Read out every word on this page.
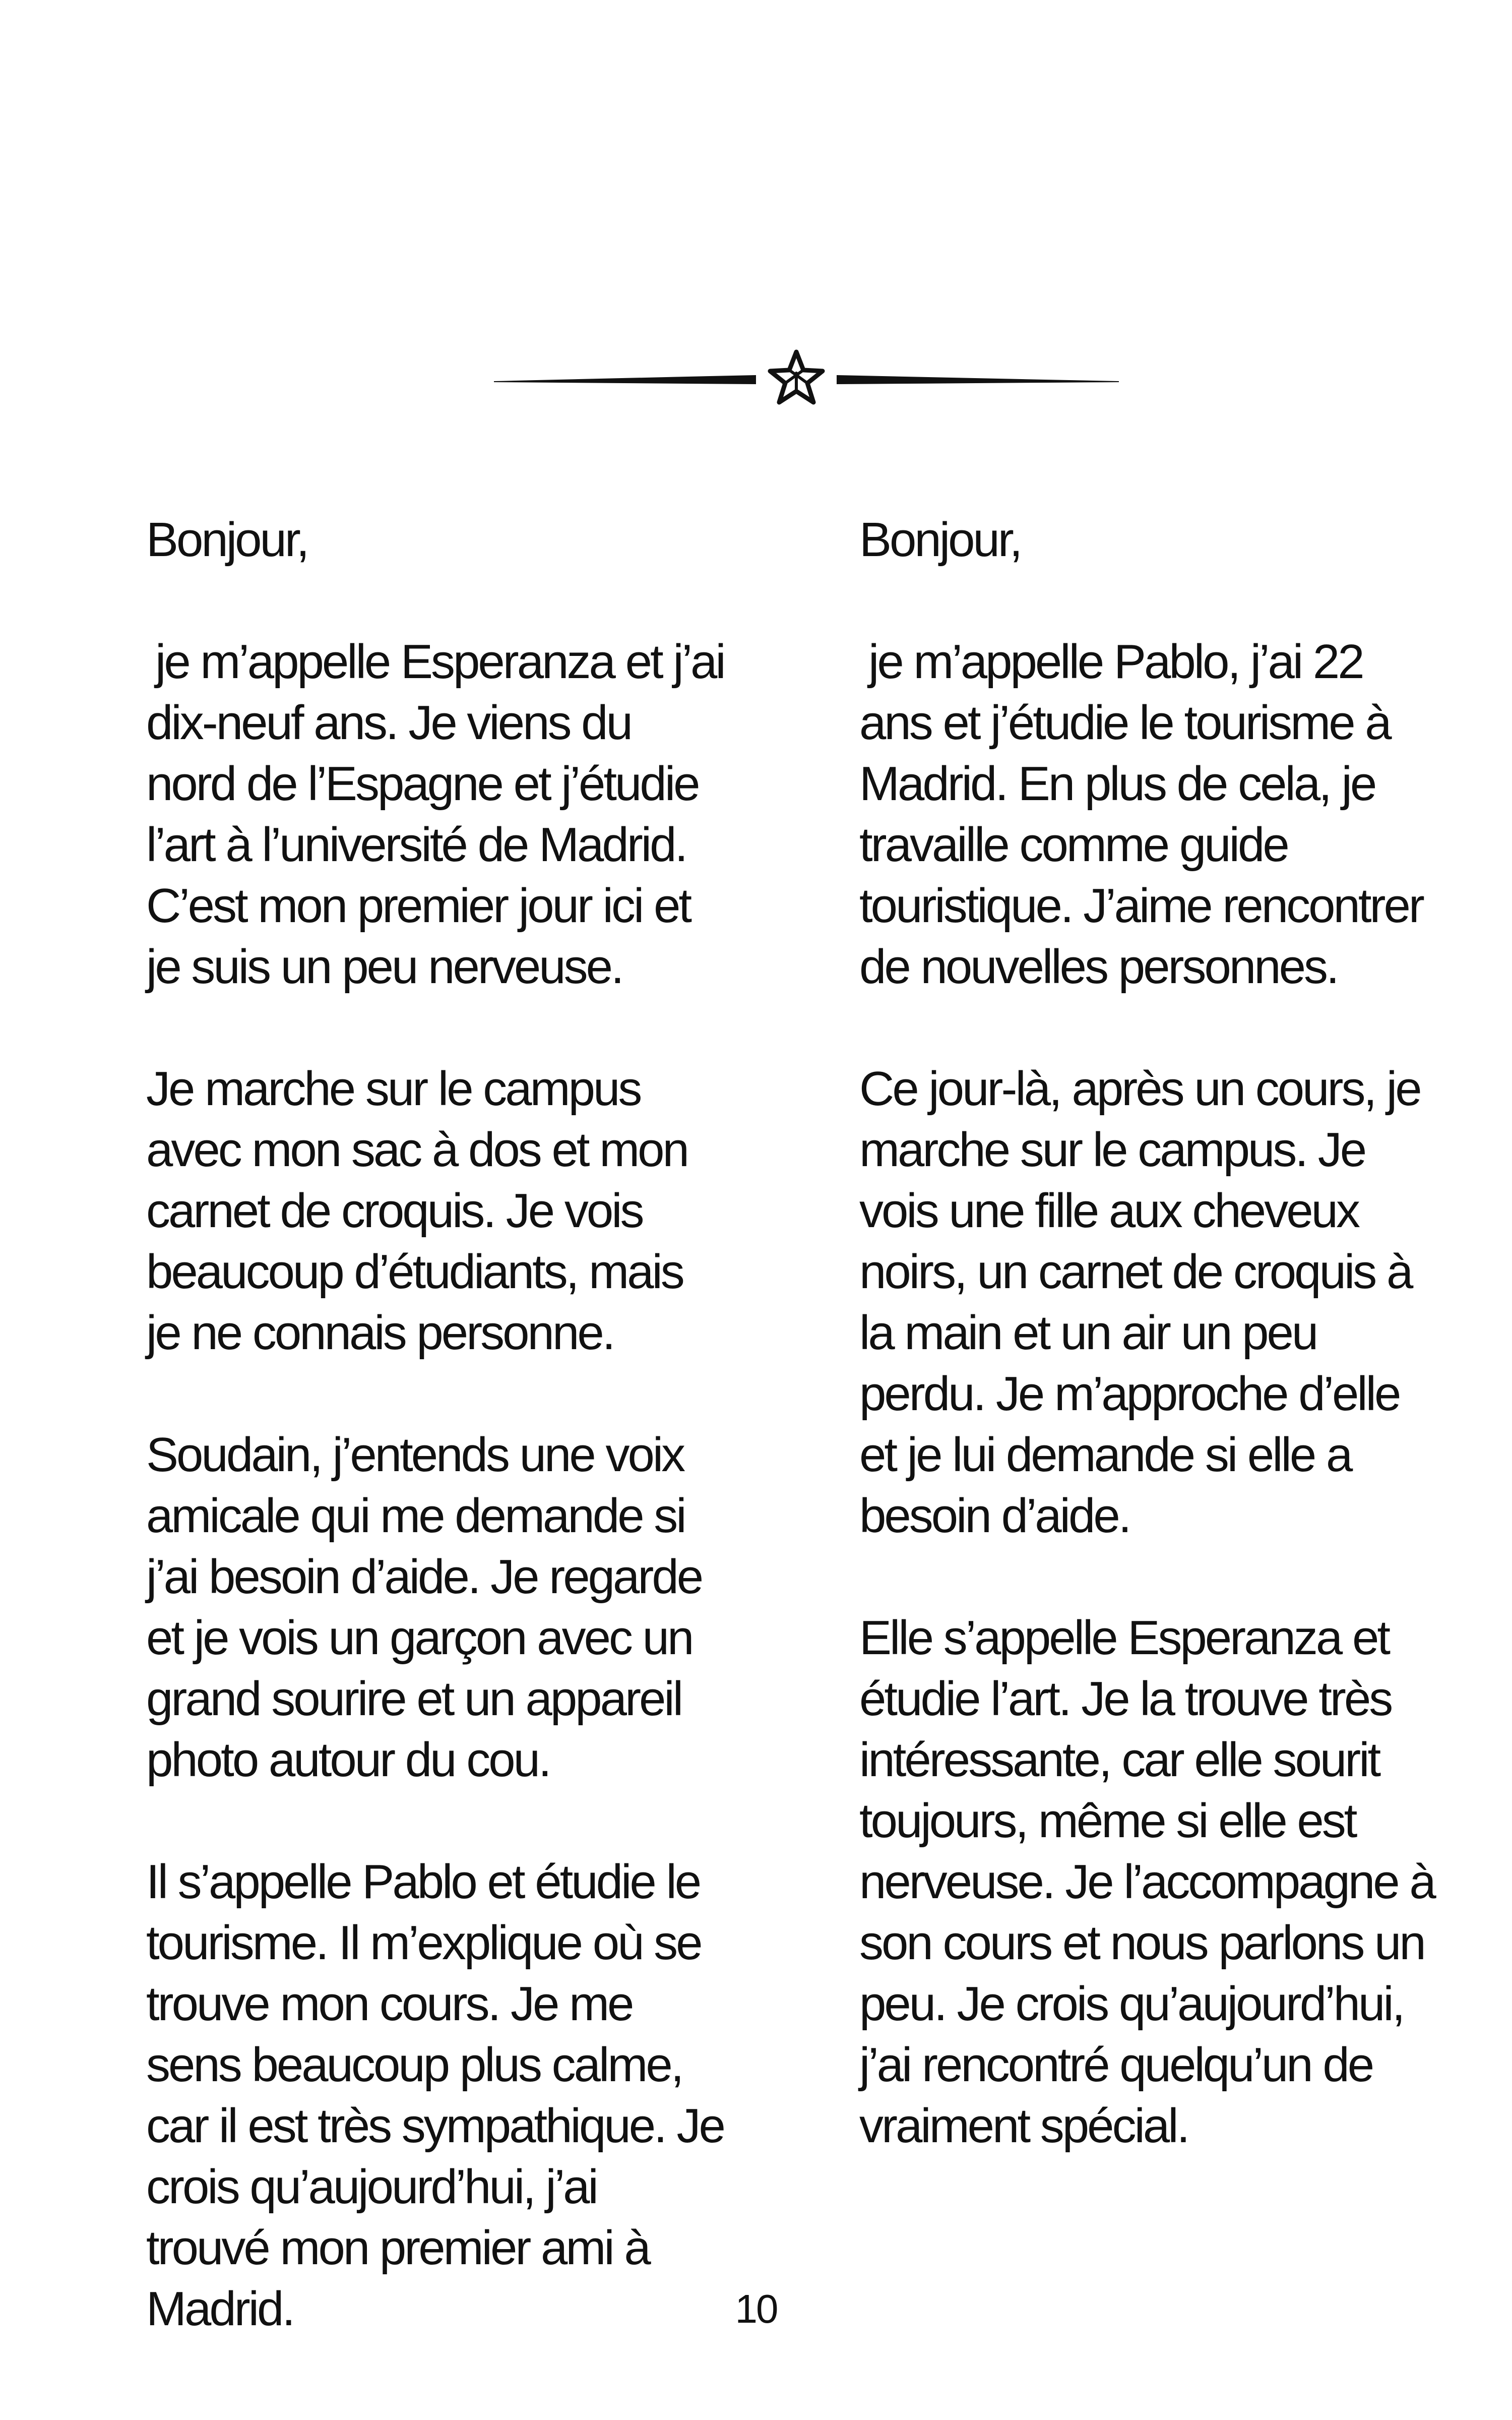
Bonjour,

je m’appelle Esperanza et j’ai dix-neuf ans. Je viens du nord de l’Espagne et j’étudie l’art à l’université de Madrid. C’est mon premier jour ici et je suis un peu nerveuse.

Je marche sur le campus avec mon sac à dos et mon carnet de croquis. Je vois beaucoup d’étudiants, mais je ne connais personne.

Soudain, j’entends une voix amicale qui me demande si j’ai besoin d’aide. Je regarde et je vois un garçon avec un grand sourire et un appareil photo autour du cou.

Il s’appelle Pablo et étudie le tourisme. Il m’explique où se trouve mon cours. Je me sens beaucoup plus calme, car il est très sympathique. Je crois qu’aujourd’hui, j’ai trouvé mon premier ami à Madrid.

Bonjour,

je m’appelle Pablo, j’ai 22 ans et j’étudie le tourisme à Madrid. En plus de cela, je travaille comme guide touristique. J’aime rencontrer de nouvelles personnes.

Ce jour-là, après un cours, je marche sur le campus. Je vois une fille aux cheveux noirs, un carnet de croquis à la main et un air un peu perdu. Je m’approche d’elle et je lui demande si elle a besoin d’aide.

Elle s’appelle Esperanza et étudie l’art. Je la trouve très intéressante, car elle sourit toujours, même si elle est nerveuse. Je l’accompagne à son cours et nous parlons un peu. Je crois qu’aujourd’hui, j’ai rencontré quelqu’un de vraiment spécial.

10
